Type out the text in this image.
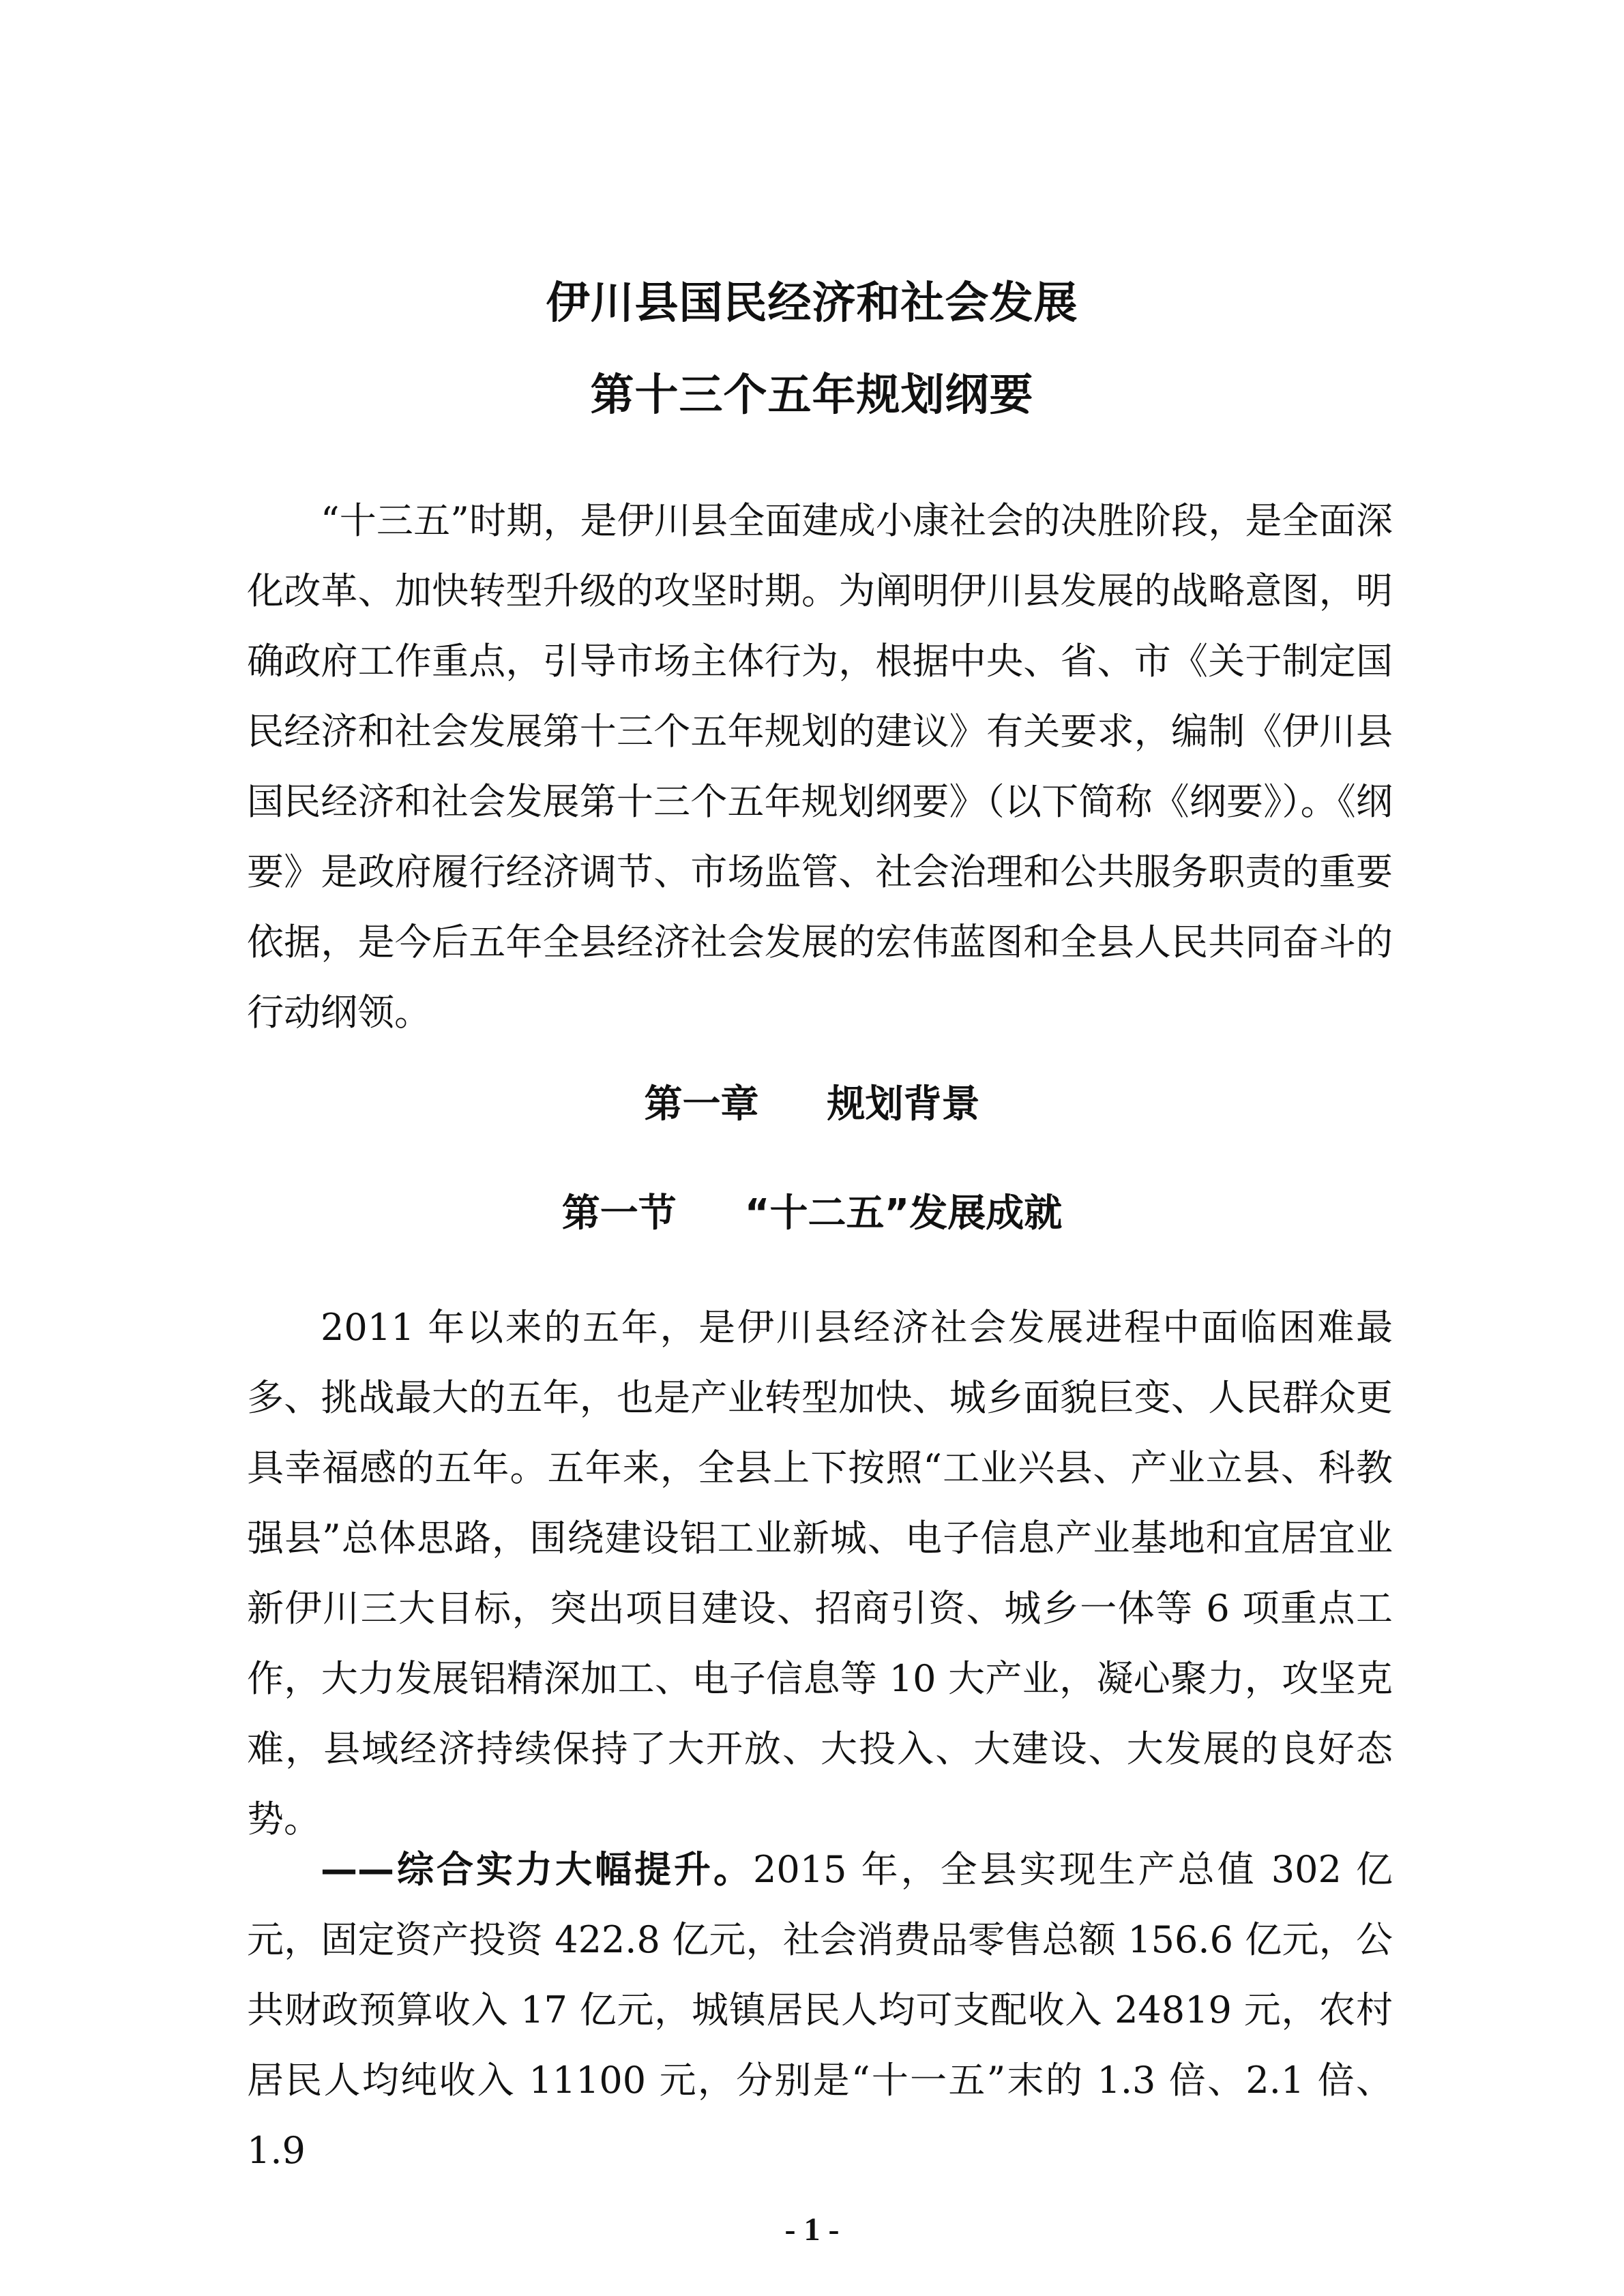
伊川县国民经济和社会发展
第十三个五年规划纲要

“十三五”时期，是伊川县全面建成小康社会的决胜阶段，是全面深化改革、加快转型升级的攻坚时期。为阐明伊川县发展的战略意图，明确政府工作重点，引导市场主体行为，根据中央、省、市《关于制定国民经济和社会发展第十三个五年规划的建议》有关要求，编制《伊川县国民经济和社会发展第十三个五年规划纲要》（以下简称《纲要》）。《纲要》是政府履行经济调节、市场监管、社会治理和公共服务职责的重要依据，是今后五年全县经济社会发展的宏伟蓝图和全县人民共同奋斗的行动纲领。

第一章 规划背景
第一节 “十二五”发展成就

2011 年以来的五年，是伊川县经济社会发展进程中面临困难最多、挑战最大的五年，也是产业转型加快、城乡面貌巨变、人民群众更具幸福感的五年。五年来，全县上下按照“工业兴县、产业立县、科教强县”总体思路，围绕建设铝工业新城、电子信息产业基地和宜居宜业新伊川三大目标，突出项目建设、招商引资、城乡一体等 6 项重点工作，大力发展铝精深加工、电子信息等 10 大产业，凝心聚力，攻坚克难，县域经济持续保持了大开放、大投入、大建设、大发展的良好态势。

——综合实力大幅提升。2015 年，全县实现生产总值 302 亿元，固定资产投资 422.8 亿元，社会消费品零售总额 156.6 亿元，公共财政预算收入 17 亿元，城镇居民人均可支配收入 24819 元，农村居民人均纯收入 11100 元，分别是“十一五”末的 1.3 倍、2.1 倍、 1.9

- 1 -
